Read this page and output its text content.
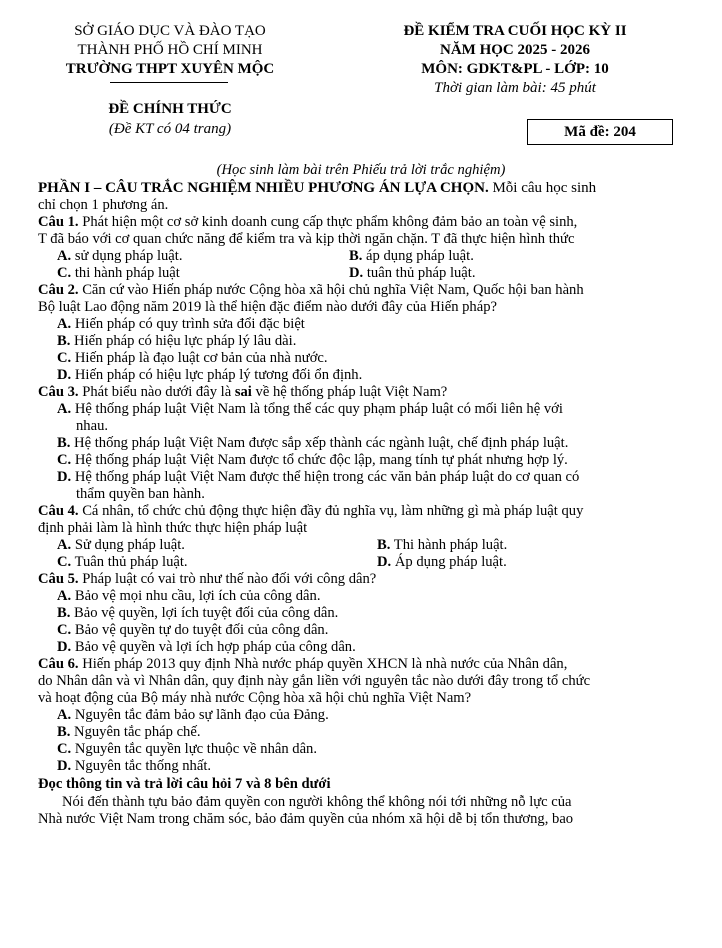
SỞ GIÁO DỤC VÀ ĐÀO TẠO
THÀNH PHỐ HỒ CHÍ MINH
TRƯỜNG THPT XUYÊN MỘC
ĐỀ KIỂM TRA CUỐI HỌC KỲ II
NĂM HỌC 2025 - 2026
MÔN: GDKT&PL - LỚP: 10
Thời gian làm bài: 45 phút
ĐỀ CHÍNH THỨC
(Đề KT có 04 trang)	Mã đề: 204
(Học sinh làm bài trên Phiếu trả lời trắc nghiệm)
PHẦN I – CÂU TRẮC NGHIỆM NHIỀU PHƯƠNG ÁN LỰA CHỌN. Mỗi câu học sinh
chỉ chọn 1 phương án.
Câu 1. Phát hiện một cơ sở kinh doanh cung cấp thực phẩm không đảm bảo an toàn vệ sinh,
T đã báo với cơ quan chức năng để kiểm tra và kịp thời ngăn chặn. T đã thực hiện hình thức
A. sử dụng pháp luật.	B. áp dụng pháp luật.
C. thi hành pháp luật	D. tuân thủ pháp luật.
Câu 2. Căn cứ vào Hiến pháp nước Cộng hòa xã hội chủ nghĩa Việt Nam, Quốc hội ban hành
Bộ luật Lao động năm 2019 là thể hiện đặc điểm nào dưới đây của Hiến pháp?
A. Hiến pháp có quy trình sửa đổi đặc biệt
B. Hiến pháp có hiệu lực pháp lý lâu dài.
C. Hiến pháp là đạo luật cơ bản của nhà nước.
D. Hiến pháp có hiệu lực pháp lý tương đối ổn định.
Câu 3. Phát biểu nào dưới đây là sai về hệ thống pháp luật Việt Nam?
A. Hệ thống pháp luật Việt Nam là tổng thể các quy phạm pháp luật có mối liên hệ với
nhau.
B. Hệ thống pháp luật Việt Nam được sắp xếp thành các ngành luật, chế định pháp luật.
C. Hệ thống pháp luật Việt Nam được tổ chức độc lập, mang tính tự phát nhưng hợp lý.
D. Hệ thống pháp luật Việt Nam được thể hiện trong các văn bản pháp luật do cơ quan có
thẩm quyền ban hành.
Câu 4. Cá nhân, tổ chức chủ động thực hiện đầy đủ nghĩa vụ, làm những gì mà pháp luật quy
định phải làm là hình thức thực hiện pháp luật
A. Sử dụng pháp luật.	B. Thi hành pháp luật.
C. Tuân thủ pháp luật.	D. Áp dụng pháp luật.
Câu 5. Pháp luật có vai trò như thế nào đối với công dân?
A. Bảo vệ mọi nhu cầu, lợi ích của công dân.
B. Bảo vệ quyền, lợi ích tuyệt đối của công dân.
C. Bảo vệ quyền tự do tuyệt đối của công dân.
D. Bảo vệ quyền và lợi ích hợp pháp của công dân.
Câu 6. Hiến pháp 2013 quy định Nhà nước pháp quyền XHCN là nhà nước của Nhân dân,
do Nhân dân và vì Nhân dân, quy định này gắn liền với nguyên tắc nào dưới đây trong tổ chức
và hoạt động của Bộ máy nhà nước Cộng hòa xã hội chủ nghĩa Việt Nam?
A. Nguyên tắc đảm bảo sự lãnh đạo của Đảng.
B. Nguyên tắc pháp chế.
C. Nguyên tắc quyền lực thuộc về nhân dân.
D. Nguyên tắc thống nhất.
Đọc thông tin và trả lời câu hỏi 7 và 8 bên dưới
Nói đến thành tựu bảo đảm quyền con người không thể không nói tới những nỗ lực của
Nhà nước Việt Nam trong chăm sóc, bảo đảm quyền của nhóm xã hội dễ bị tổn thương, bao
